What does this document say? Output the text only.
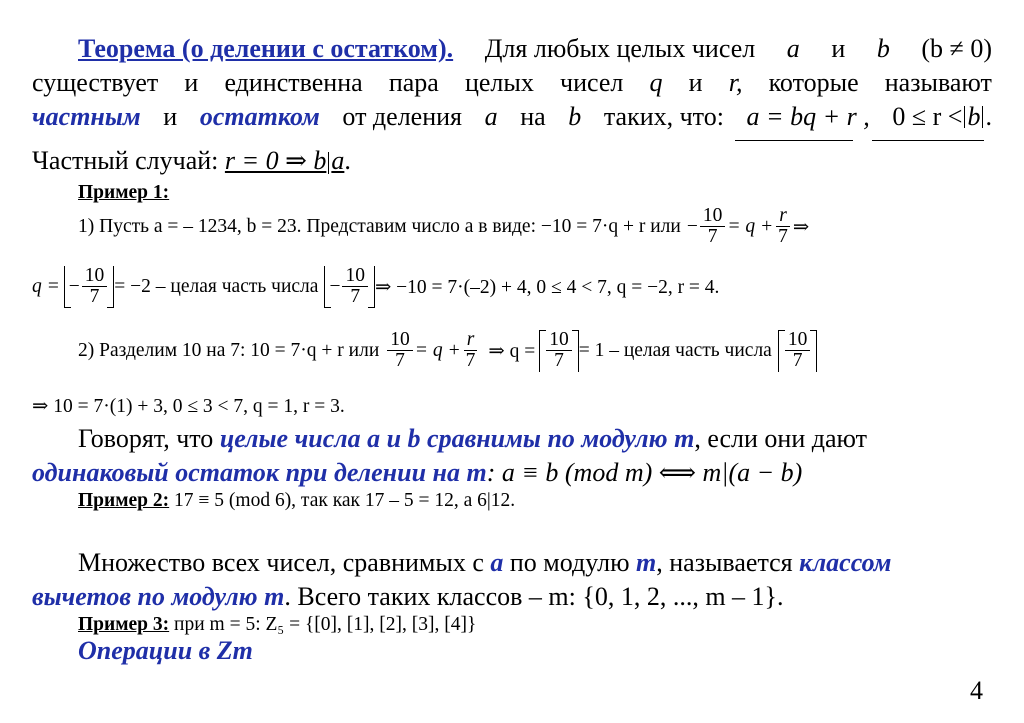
Теорема (о делении с остатком). Для любых целых чисел a и b (b ≠ 0)
существует и единственна пара целых чисел q и r, которые называют
частным и остатком от деления a на b таких, что: a = bq + r , 0 ≤ r < b .
Частный случай: r = 0 ⇒ b a.
Пример 1:
1) Пусть a = – 1234, b = 23. Представим число a в виде: −10 = 7·q + r или − $\frac{10}{7} = q + \frac{r}{7}$ ⇒
q = − $\frac{10}{7} = -2$ – целая часть числа − $\frac{10}{7}$ ⇒ −10 = 7·(–2) + 4, 0 ≤ 4 < 7, q = −2, r = 4.
2) Разделим 10 на 7: 10 = 7·q + r или $\frac{10}{7} = q + \frac{r}{7}$ ⇒ $q = \frac{10}{7} = 1$ – целая часть числа $\frac{10}{7}$
⇒ 10 = 7·(1) + 3, 0 ≤ 3 < 7, q = 1, r = 3.
Говорят, что целые числа a и b сравнимы по модулю m, если они дают
одинаковый остаток при делении на m: a ≡ b (mod m) ⟺ m|(a − b)
Пример 2: 17 ≡ 5 (mod 6), так как 17 – 5 = 12, а 6|12.
Множество всех чисел, сравнимых с a по модулю m, называется классом
вычетов по модулю m. Всего таких классов – m: {0, 1, 2, ..., m – 1}.
Пример 3: при m = 5: Z₅ = {[0], [1], [2], [3], [4]}
Операции в Zm
4
